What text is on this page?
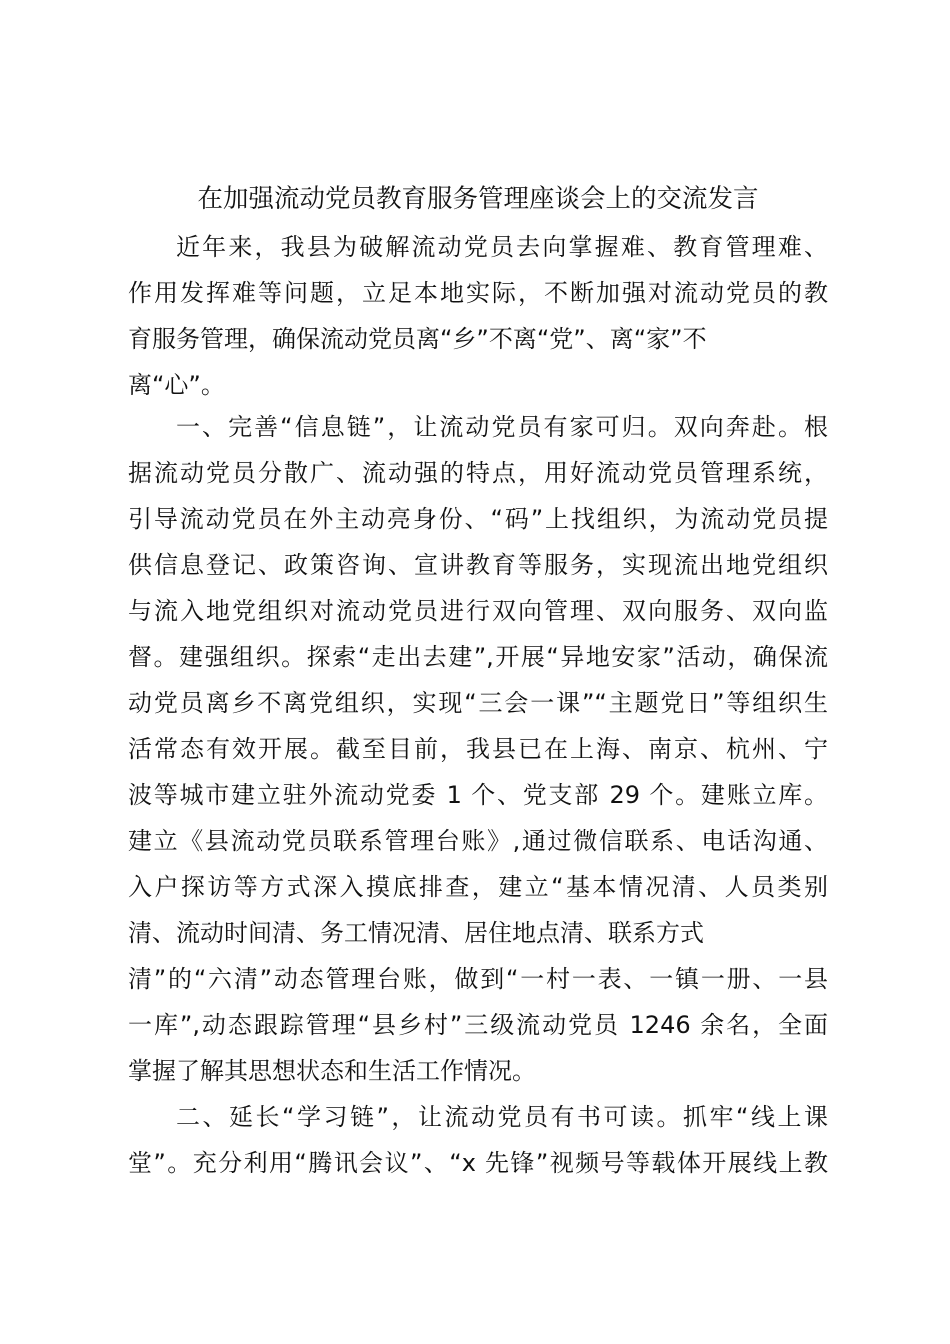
在加强流动党员教育服务管理座谈会上的交流发言
近年来，我县为破解流动党员去向掌握难、教育管理难、
作用发挥难等问题，立足本地实际，不断加强对流动党员的教
育服务管理，确保流动党员离“乡”不离“党”、离“家”不
离“心”。
一、完善“信息链”，让流动党员有家可归。双向奔赴。根
据流动党员分散广、流动强的特点，用好流动党员管理系统，
引导流动党员在外主动亮身份、“码”上找组织，为流动党员提
供信息登记、政策咨询、宣讲教育等服务，实现流出地党组织
与流入地党组织对流动党员进行双向管理、双向服务、双向监
督。建强组织。探索“走出去建”,开展“异地安家”活动，确保流
动党员离乡不离党组织，实现“三会一课”“主题党日”等组织生
活常态有效开展。截至目前，我县已在上海、南京、杭州、宁
波等城市建立驻外流动党委 1 个、党支部 29 个。建账立库。
建立《县流动党员联系管理台账》,通过微信联系、电话沟通、
入户探访等方式深入摸底排查，建立“基本情况清、人员类别
清、流动时间清、务工情况清、居住地点清、联系方式
清”的“六清”动态管理台账，做到“一村一表、一镇一册、一县
一库”,动态跟踪管理“县乡村”三级流动党员 1246 余名，全面
掌握了解其思想状态和生活工作情况。
二、延长“学习链”，让流动党员有书可读。抓牢“线上课
堂”。充分利用“腾讯会议”、“x 先锋”视频号等载体开展线上教
